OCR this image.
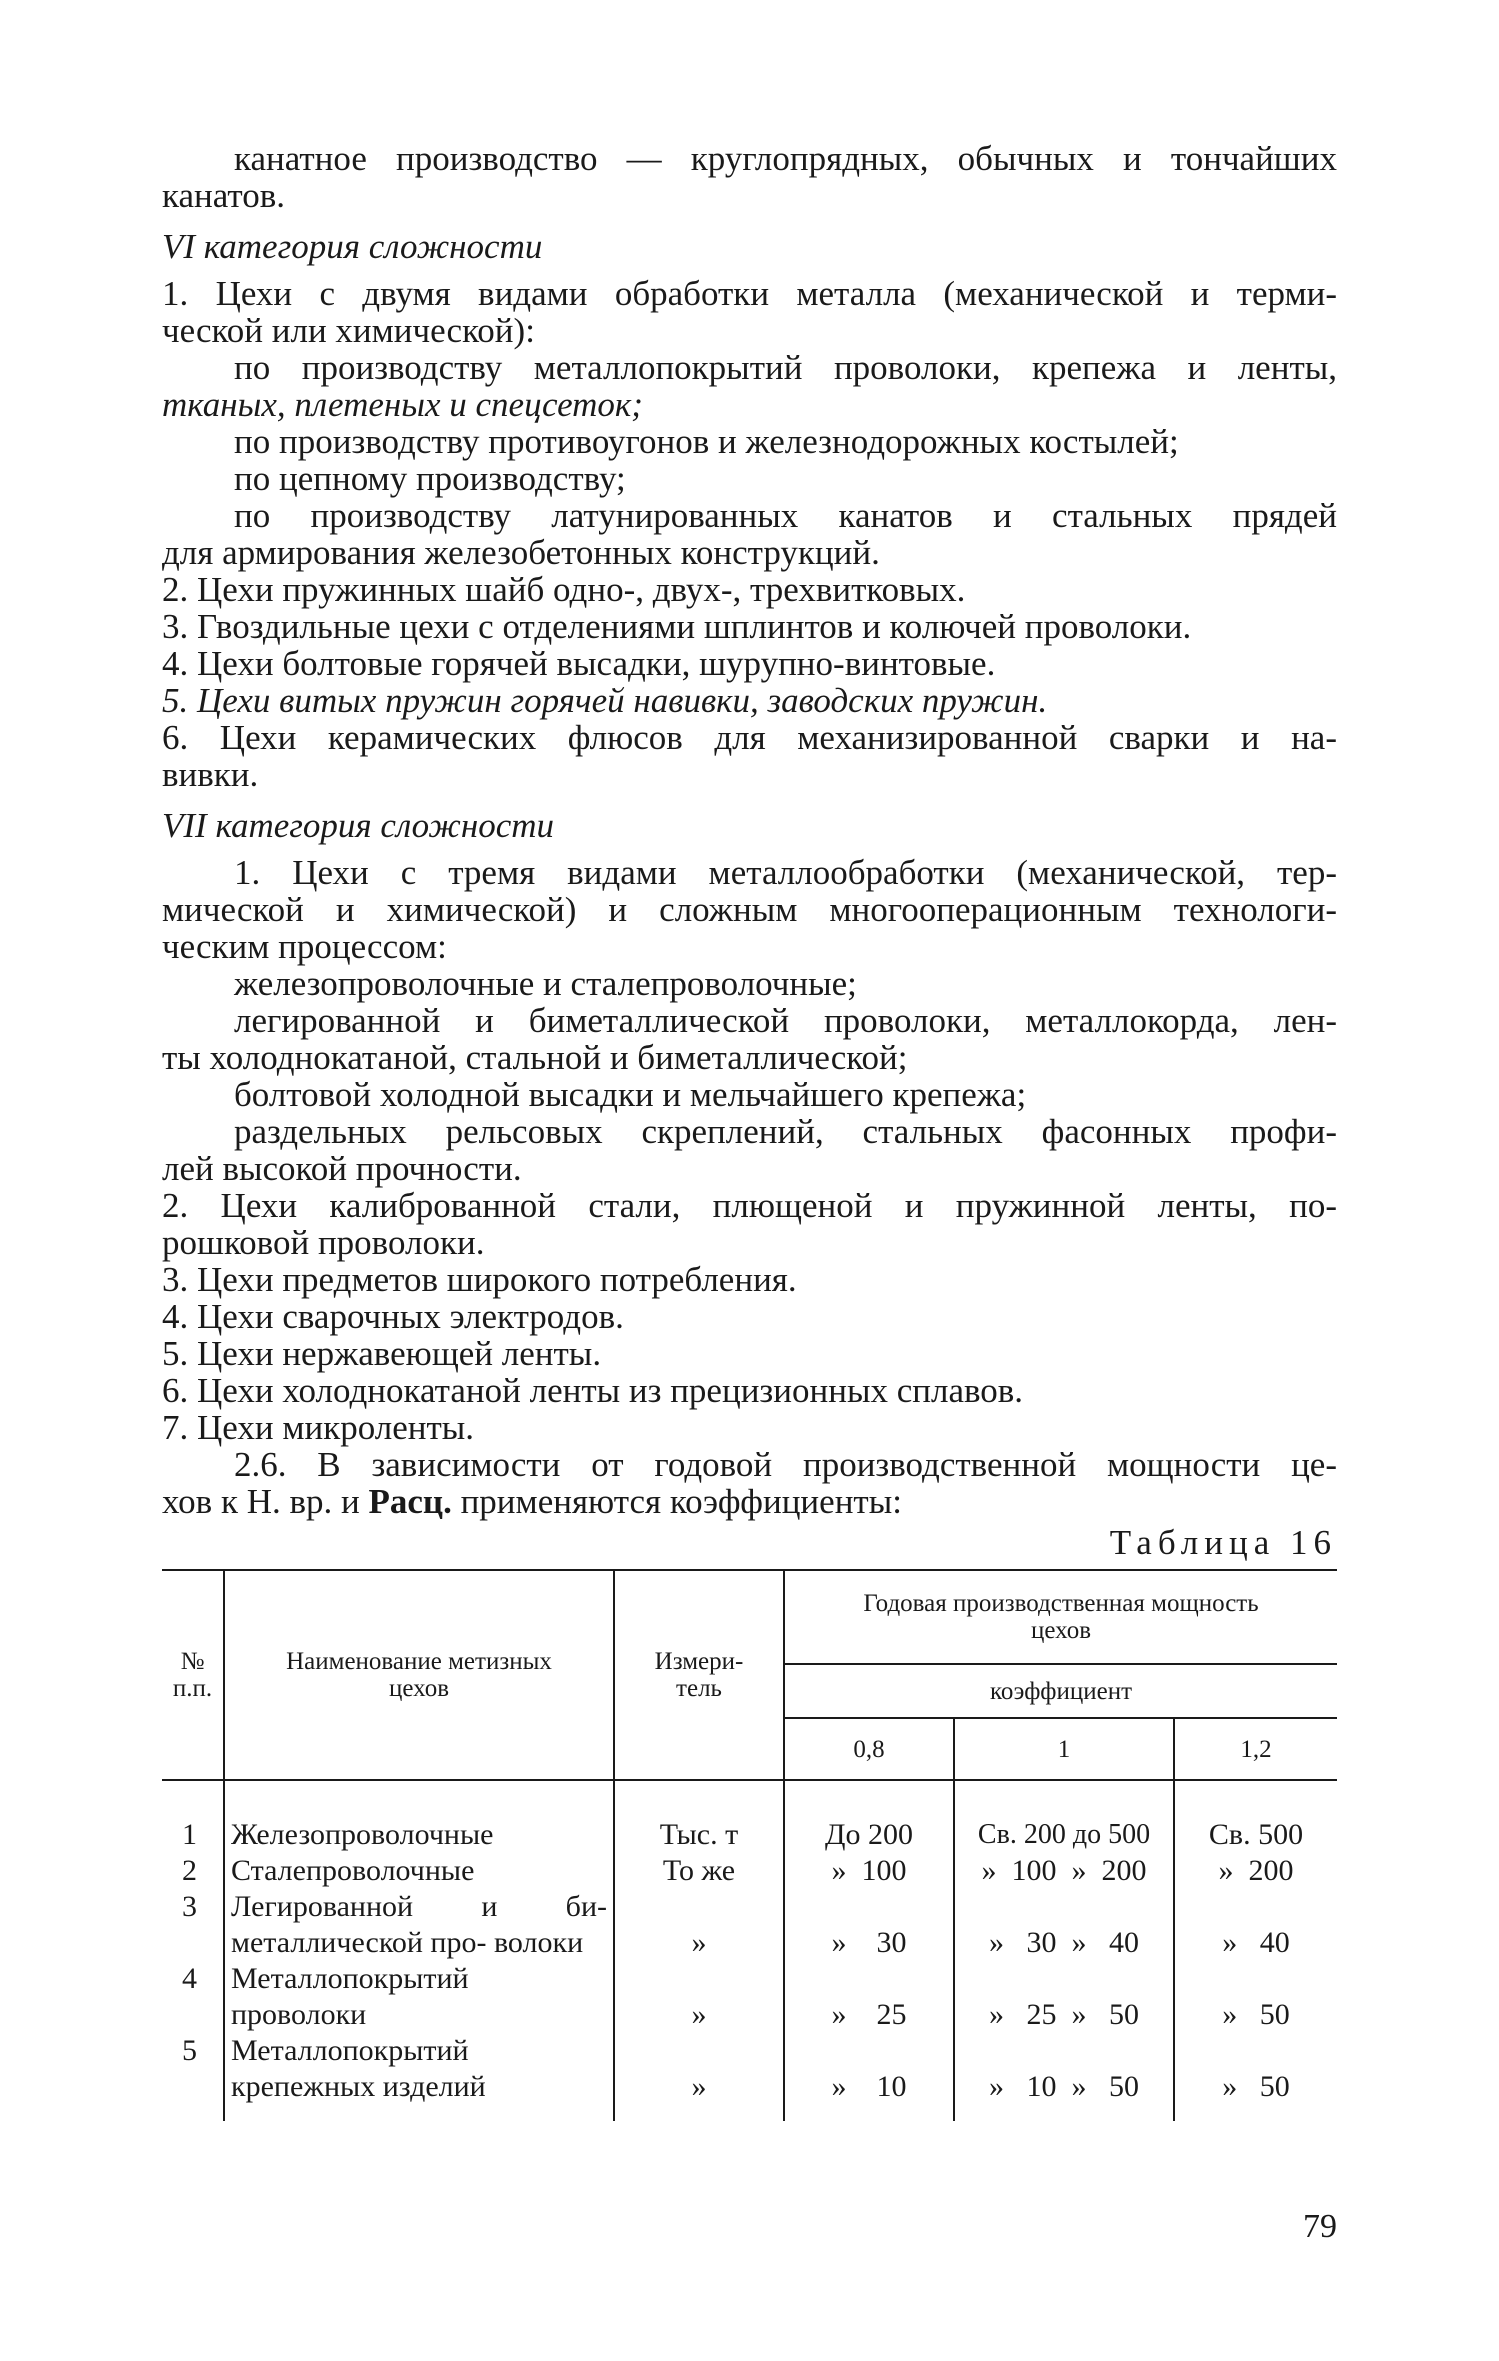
канатное производство — круглопрядных, обычных и тончайших

канатов.

VI категория сложности

1. Цехи с двумя видами обработки металла (механической и терми-

ческой или химической):

по производству металлопокрытий проволоки, крепежа и ленты,

тканых, плетеных и спецсеток;

по производству противоугонов и железнодорожных костылей;

по цепному производству;

по производству латунированных канатов и стальных прядей

для армирования железобетонных конструкций.

2. Цехи пружинных шайб одно-, двух-, трехвитковых.

3. Гвоздильные цехи с отделениями шплинтов и колючей проволоки.

4. Цехи болтовые горячей высадки, шурупно-винтовые.

5. Цехи витых пружин горячей навивки, заводских пружин.

6. Цехи керамических флюсов для механизированной сварки и на-

вивки.

VII категория сложности

1. Цехи с тремя видами металлообработки (механической, тер-

мической и химической) и сложным многооперационным технологи-

ческим процессом:

железопроволочные и сталепроволочные;

легированной и биметаллической проволоки, металлокорда, лен-

ты холоднокатаной, стальной и биметаллической;

болтовой холодной высадки и мельчайшего крепежа;

раздельных рельсовых скреплений, стальных фасонных профи-

лей высокой прочности.

2. Цехи калиброванной стали, плющеной и пружинной ленты, по-

рошковой проволоки.

3. Цехи предметов широкого потребления.

4. Цехи сварочных электродов.

5. Цехи нержавеющей ленты.

6. Цехи холоднокатаной ленты из прецизионных сплавов.

7. Цехи микроленты.

2.6. В зависимости от годовой производственной мощности це-

хов к Н. вр. и Расц. применяются коэффициенты:

Таблица 16
№ п.п.	Наименование метизных цехов	Измери- тель	Годовая производственная мощность цехов		
			коэффициент		
			0,8	1	1,2
1	Железопроволочные	Тыс. т	До 200	Св. 200 до 500	Св. 500
2	Сталепроволочные	То же	»  100	»  100  »  200	»  200
3	Легированной и би- металлической про- волоки	»	»    30	»   30  »   40	»   40
4	Металлопокрытий проволоки	»	»    25	»   25  »   50	»   50
5	Металлопокрытий крепежных изделий	»	»    10	»   10  »   50	»   50
79
